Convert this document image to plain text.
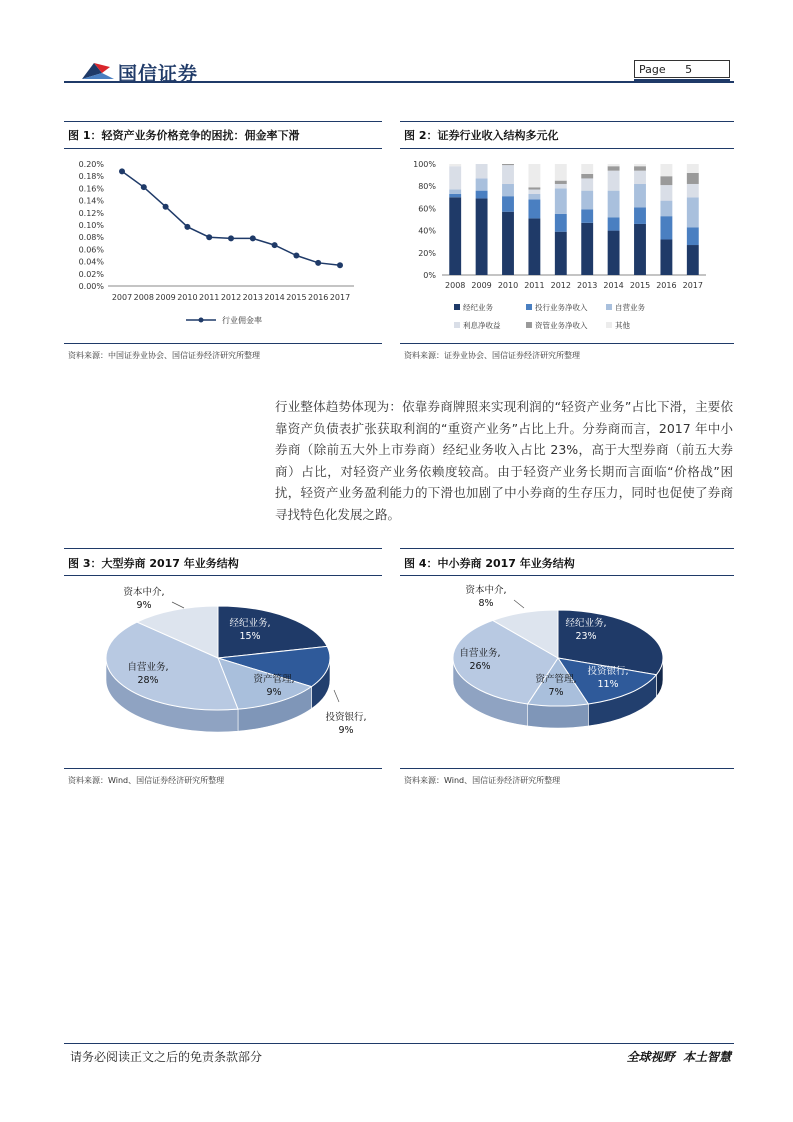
国信证券	Page 5
图 1：轻资产业务价格竞争的困扰：佣金率下滑
0.20%
0.18%
0.16%
0.14%
0.12%
0.10%
0.08%
0.06%
0.04%
0.02%
0.00%
2007 2008 2009 2010 2011 2012 2013 2014 2015 2016 2017
行业佣金率
资料来源：中国证券业协会、国信证券经济研究所整理
图 2：证券行业收入结构多元化
100%
80%
60%
40%
20%
0%
2008 2009 2010 2011 2012 2013 2014 2015 2016 2017
经纪业务	投行业务净收入	自营业务
利息净收益	资管业务净收入	其他
资料来源：证券业协会、国信证券经济研究所整理
行业整体趋势体现为：依靠券商牌照来实现利润的“轻资产业务”占比下滑，主要依靠资产负债表扩张获取利润的“重资产业务”占比上升。分券商而言，2017 年中小券商（除前五大外上市券商）经纪业务收入占比 23%，高于大型券商（前五大券商）占比，对轻资产业务依赖度较高。由于轻资产业务长期而言面临“价格战”困扰，轻资产业务盈利能力的下滑也加剧了中小券商的生存压力，同时也促使了券商寻找特色化发展之路。
图 3：大型券商 2017 年业务结构
经纪业务,
15%
投资银行,
9%
资产管理,
9%
自营业务,
28%
资本中介,
9%
资料来源：Wind、国信证券经济研究所整理
图 4：中小券商 2017 年业务结构
经纪业务,
23%
投资银行,
11%
资产管理,
7%
自营业务,
26%
资本中介,
8%
资料来源：Wind、国信证券经济研究所整理
请务必阅读正文之后的免责条款部分	全球视野  本土智慧
